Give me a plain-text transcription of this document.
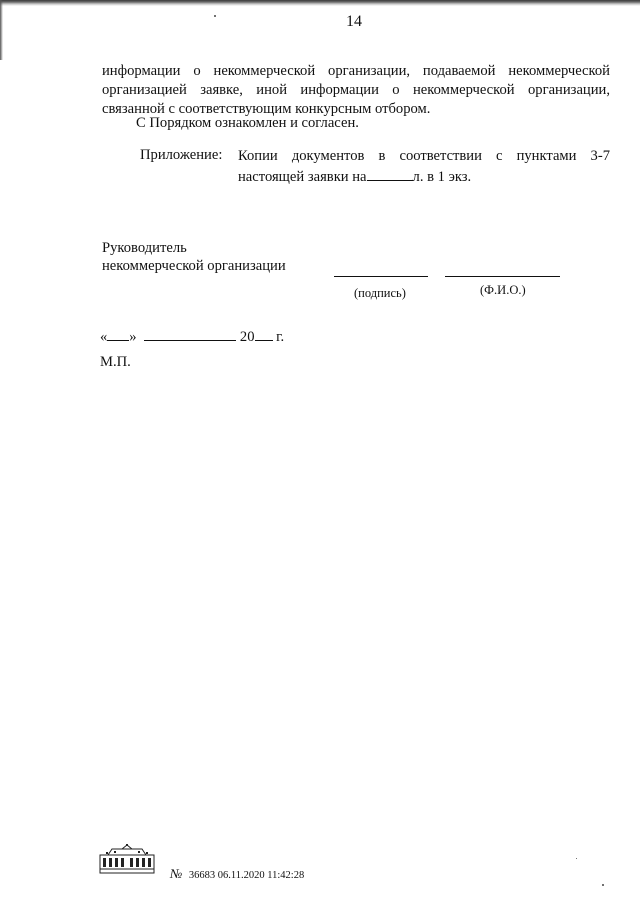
14
информации о некоммерческой организации, подаваемой некоммерческой
организацией заявке, иной информации о некоммерческой организации,
связанной с соответствующим конкурсным отбором.
С Порядком ознакомлен и согласен.
Приложение: Копии документов в соответствии с пунктами 3-7
настоящей заявки на	л. в 1 экз.
Руководитель
некоммерческой организации
(подпись)	(Ф.И.О.)
« »	20 г.
М.П.
№ 36683 06.11.2020 11:42:28
